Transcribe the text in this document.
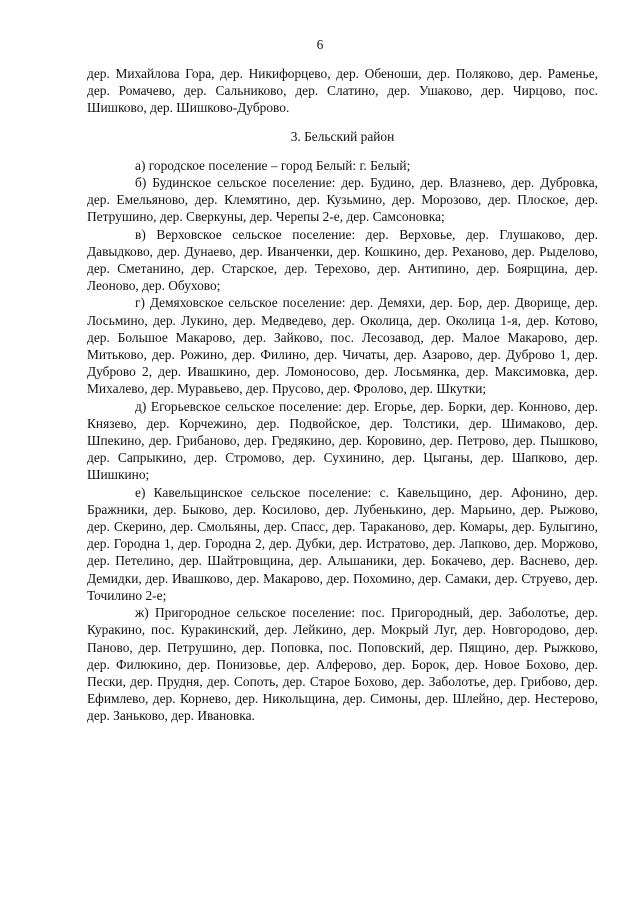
6

дер. Михайлова Гора, дер. Никифорцево, дер. Обеноши, дер. Поляково, дер. Раменье, дер. Ромачево, дер. Сальниково, дер. Слатино, дер. Ушаково, дер. Чирцово, пос. Шишково, дер. Шишково-Дуброво.

3. Бельский район

а) городское поселение – город Белый: г. Белый;

б) Будинское сельское поселение: дер. Будино, дер. Влазнево, дер. Дубровка, дер. Емельяново, дер. Клемятино, дер. Кузьмино, дер. Морозово, дер. Плоское, дер. Петрушино, дер. Сверкуны, дер. Черепы 2-е, дер. Самсоновка;

в) Верховское сельское поселение: дер. Верховье, дер. Глушаково, дер. Давыдково, дер. Дунаево, дер. Иванченки, дер. Кошкино, дер. Реханово, дер. Рыделово, дер. Сметанино, дер. Старское, дер. Терехово, дер. Антипино, дер. Боярщина, дер. Леоново, дер. Обухово;

г) Демяховское сельское поселение: дер. Демяхи, дер. Бор, дер. Дворище, дер. Лосьмино, дер. Лукино, дер. Медведево, дер. Околица, дер. Околица 1-я, дер. Котово, дер. Большое Макарово, дер. Зайково, пос. Лесозавод, дер. Малое Макарово, дер. Митьково, дер. Рожино, дер. Филино, дер. Чичаты, дер. Азарово, дер. Дуброво 1, дер. Дуброво 2, дер. Ивашкино, дер. Ломоносово, дер. Лосьмянка, дер. Максимовка, дер. Михалево, дер. Муравьево, дер. Прусово, дер. Фролово, дер. Шкутки;

д) Егорьевское сельское поселение: дер. Егорье, дер. Борки, дер. Конново, дер. Князево, дер. Корчежино, дер. Подвойское, дер. Толстики, дер. Шимаково, дер. Шпекино, дер. Грибаново, дер. Гредякино, дер. Коровино, дер. Петрово, дер. Пышково, дер. Сапрыкино, дер. Стромово, дер. Сухинино, дер. Цыганы, дер. Шапково, дер. Шишкино;

е) Кавельщинское сельское поселение: с. Кавельщино, дер. Афонино, дер. Бражники, дер. Быково, дер. Косилово, дер. Лубенькино, дер. Марьино, дер. Рыжово, дер. Скерино, дер. Смольяны, дер. Спасс, дер. Тараканово, дер. Комары, дер. Булыгино, дер. Городна 1, дер. Городна 2, дер. Дубки, дер. Истратово, дер. Лапково, дер. Моржово, дер. Петелино, дер. Шайтровщина, дер. Альшаники, дер. Бокачево, дер. Васнево, дер. Демидки, дер. Ивашково, дер. Макарово, дер. Похомино, дер. Самаки, дер. Струево, дер. Точилино 2-е;

ж) Пригородное сельское поселение: пос. Пригородный, дер. Заболотье, дер. Куракино, пос. Куракинский, дер. Лейкино, дер. Мокрый Луг, дер. Новгородово, дер. Паново, дер. Петрушино, дер. Поповка, пос. Поповский, дер. Пящино, дер. Рыжково, дер. Филюкино, дер. Понизовье, дер. Алферово, дер. Борок, дер. Новое Бохово, дер. Пески, дер. Прудня, дер. Сопоть, дер. Старое Бохово, дер. Заболотье, дер. Грибово, дер. Ефимлево, дер. Корнево, дер. Никольщина, дер. Симоны, дер. Шлейно, дер. Нестерово, дер. Заньково, дер. Ивановка.
